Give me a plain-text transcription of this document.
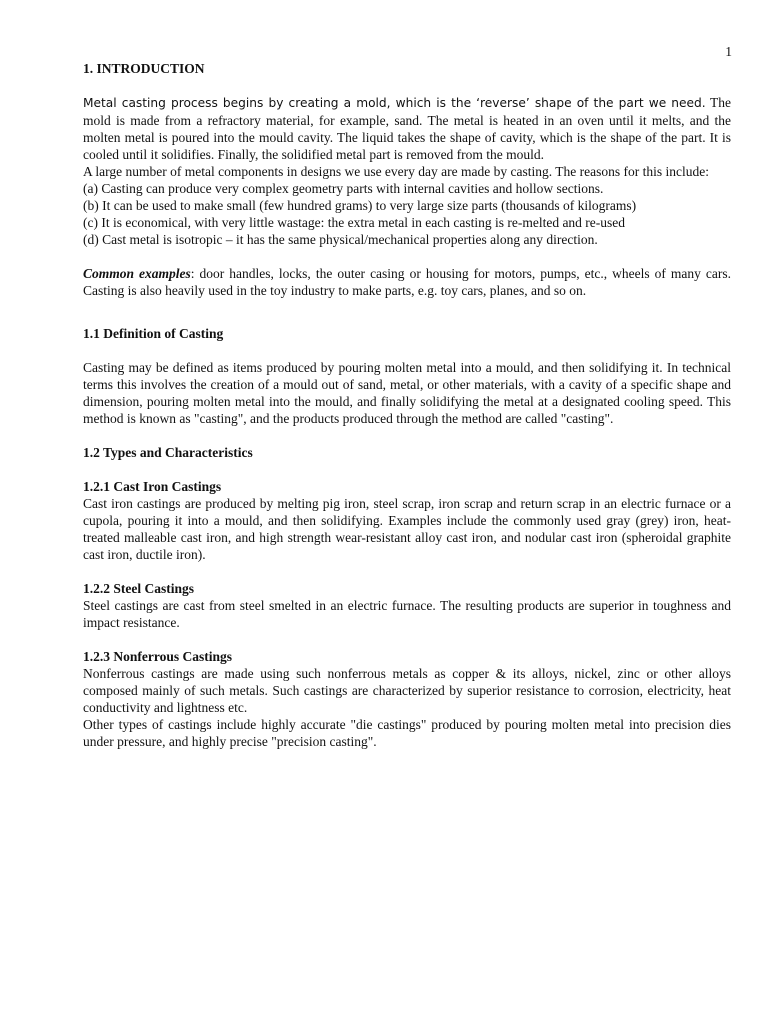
1
1. INTRODUCTION

Metal casting process begins by creating a mold, which is the ‘reverse’ shape of the part we need. The mold is made from a refractory material, for example, sand. The metal is heated in an oven until it melts, and the molten metal is poured into the mould cavity. The liquid takes the shape of cavity, which is the shape of the part. It is cooled until it solidifies. Finally, the solidified metal part is removed from the mould.

A large number of metal components in designs we use every day are made by casting. The reasons for this include:

(a) Casting can produce very complex geometry parts with internal cavities and hollow sections.

(b) It can be used to make small (few hundred grams) to very large size parts (thousands of kilograms)

(c) It is economical, with very little wastage: the extra metal in each casting is re-melted and re-used

(d) Cast metal is isotropic – it has the same physical/mechanical properties along any direction.

Common examples: door handles, locks, the outer casing or housing for motors, pumps, etc., wheels of many cars. Casting is also heavily used in the toy industry to make parts, e.g. toy cars, planes, and so on.

1.1 Definition of Casting

Casting may be defined as items produced by pouring molten metal into a mould, and then solidifying it. In technical terms this involves the creation of a mould out of sand, metal, or other materials, with a cavity of a specific shape and dimension, pouring molten metal into the mould, and finally solidifying the metal at a designated cooling speed. This method is known as "casting", and the products produced through the method are called "casting".

1.2 Types and Characteristics
1.2.1 Cast Iron Castings

Cast iron castings are produced by melting pig iron, steel scrap, iron scrap and return scrap in an electric furnace or a cupola, pouring it into a mould, and then solidifying. Examples include the commonly used gray (grey) iron, heat-treated malleable cast iron, and high strength wear-resistant alloy cast iron, and nodular cast iron (spheroidal graphite cast iron, ductile iron).

1.2.2 Steel Castings

Steel castings are cast from steel smelted in an electric furnace. The resulting products are superior in toughness and impact resistance.

1.2.3 Nonferrous Castings

Nonferrous castings are made using such nonferrous metals as copper & its alloys, nickel, zinc or other alloys composed mainly of such metals. Such castings are characterized by superior resistance to corrosion, electricity, heat conductivity and lightness etc.

Other types of castings include highly accurate "die castings" produced by pouring molten metal into precision dies under pressure, and highly precise "precision casting".
